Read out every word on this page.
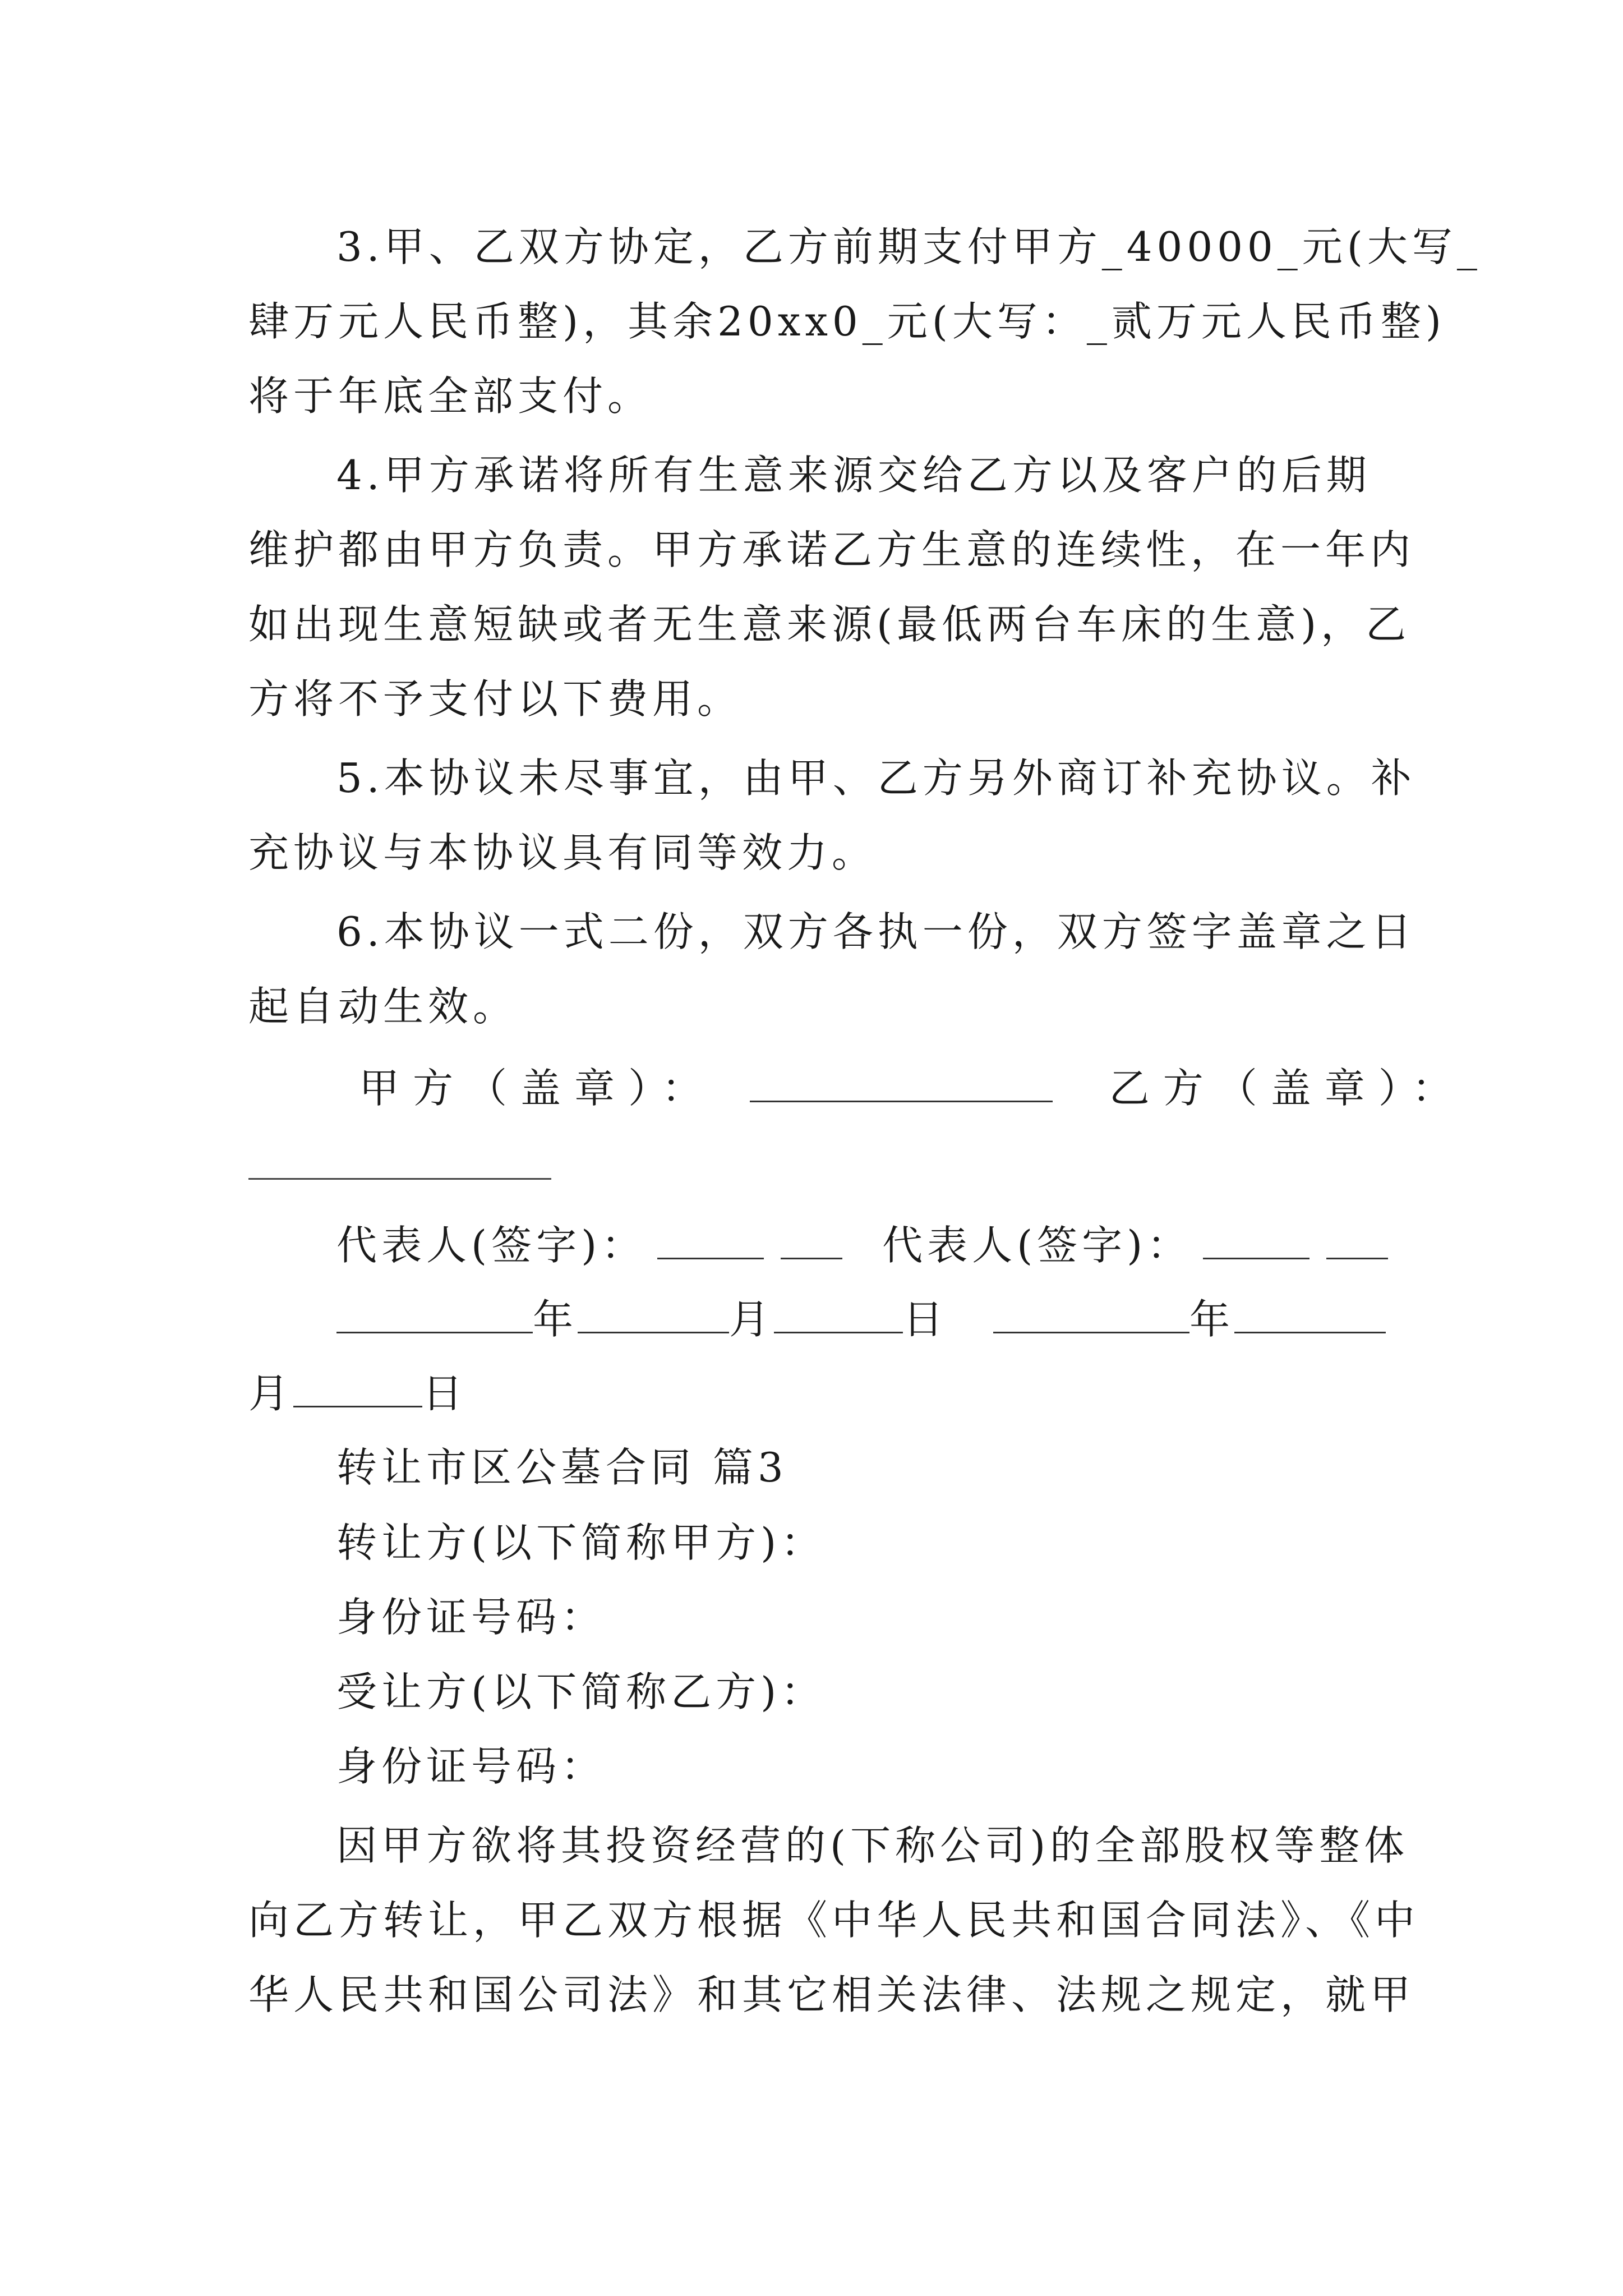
3.甲、乙双方协定，乙方前期支付甲方_40000_元(大写_
肆万元人民币整)，其余20xx0_元(大写：_贰万元人民币整)
将于年底全部支付。
4.甲方承诺将所有生意来源交给乙方以及客户的后期
维护都由甲方负责。甲方承诺乙方生意的连续性，在一年内
如出现生意短缺或者无生意来源(最低两台车床的生意)，乙
方将不予支付以下费用。
5.本协议未尽事宜，由甲、乙方另外商订补充协议。补
充协议与本协议具有同等效力。
6.本协议一式二份，双方各执一份，双方签字盖章之日
起自动生效。
甲方（盖章）：	乙方（盖章）：
代表人(签字)：	代表人(签字)：
年	月	日	年
月	日
转让市区公墓合同 篇3
转让方(以下简称甲方)：
身份证号码：
受让方(以下简称乙方)：
身份证号码：
因甲方欲将其投资经营的(下称公司)的全部股权等整体
向乙方转让，甲乙双方根据《中华人民共和国合同法》、《中
华人民共和国公司法》和其它相关法律、法规之规定，就甲
